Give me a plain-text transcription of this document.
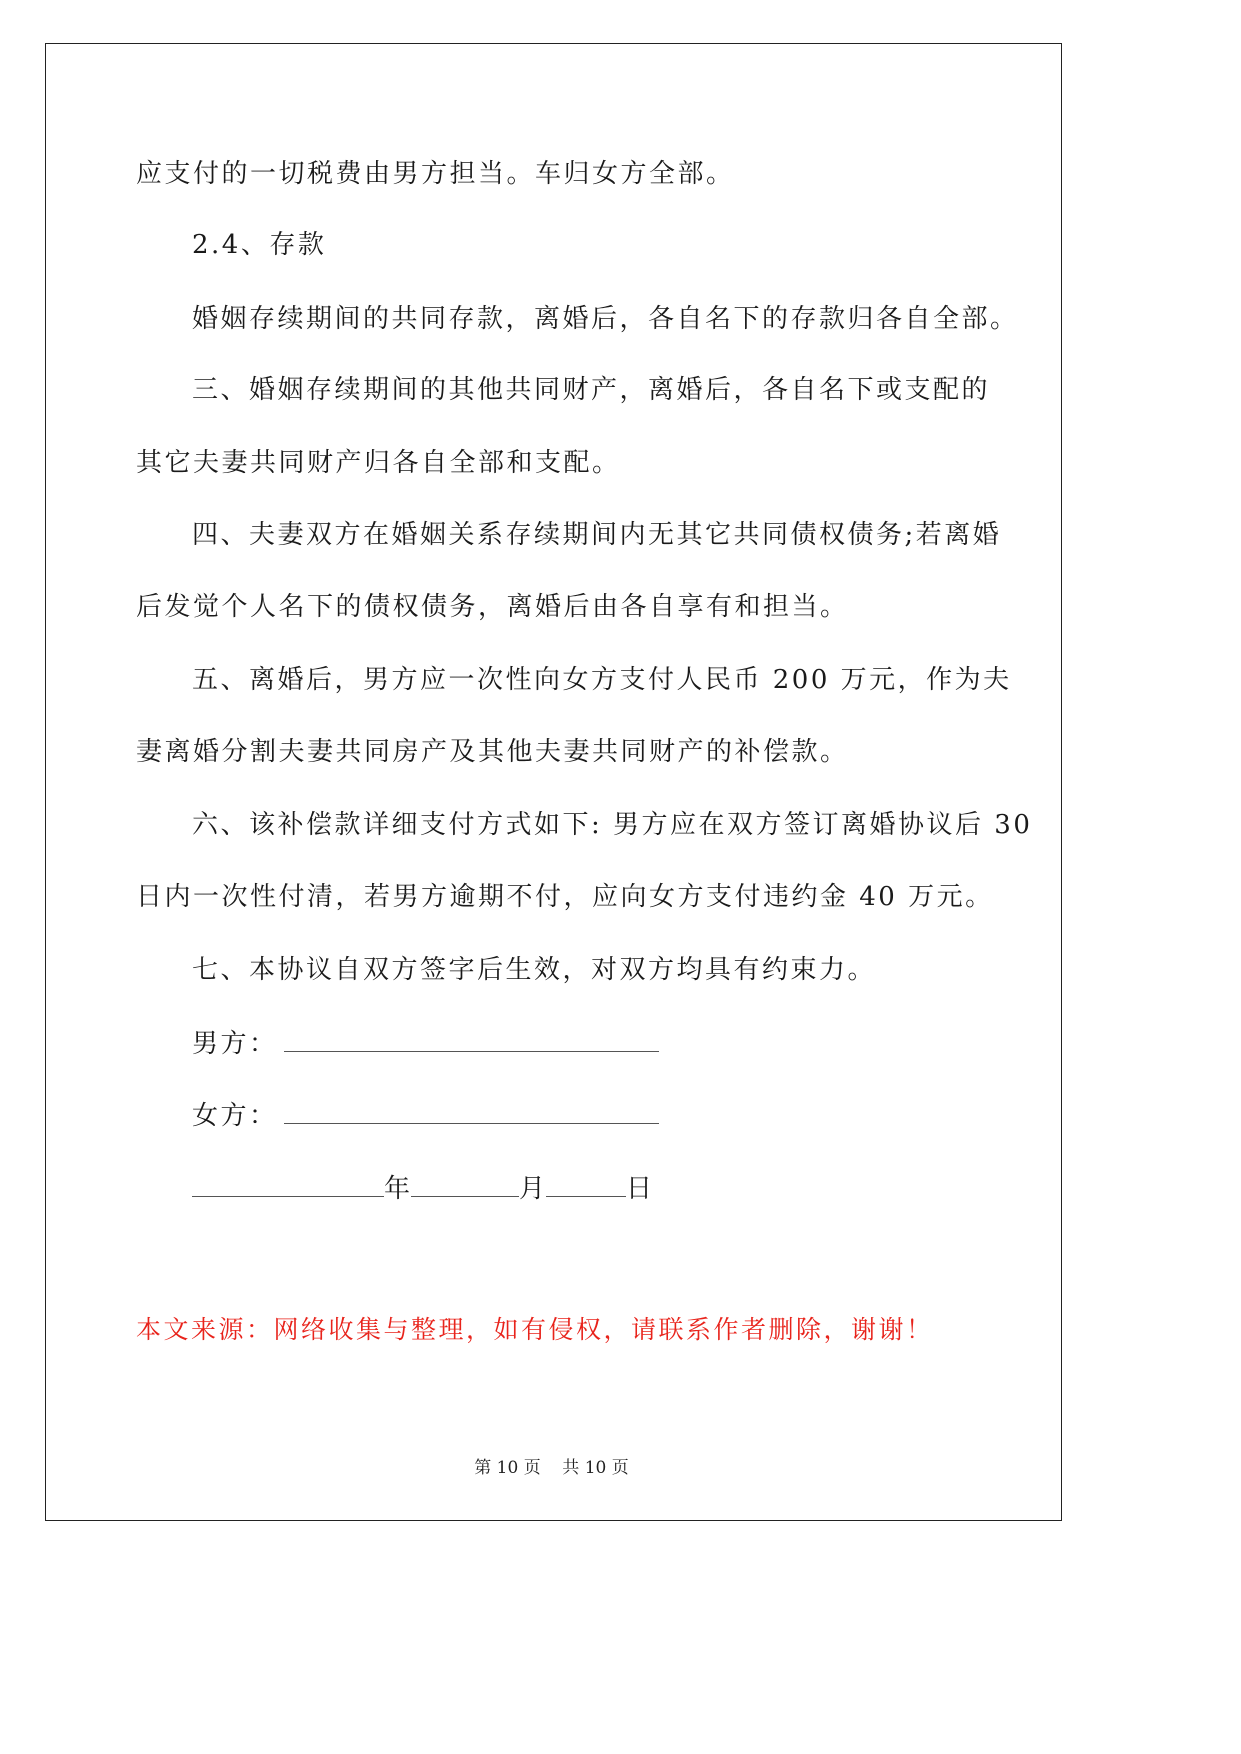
应支付的一切税费由男方担当。车归女方全部。
2.4、存款
婚姻存续期间的共同存款，离婚后，各自名下的存款归各自全部。
三、婚姻存续期间的其他共同财产，离婚后，各自名下或支配的
其它夫妻共同财产归各自全部和支配。
四、夫妻双方在婚姻关系存续期间内无其它共同债权债务;若离婚
后发觉个人名下的债权债务，离婚后由各自享有和担当。
五、离婚后，男方应一次性向女方支付人民币 200 万元，作为夫
妻离婚分割夫妻共同房产及其他夫妻共同财产的补偿款。
六、该补偿款详细支付方式如下: 男方应在双方签订离婚协议后 30
日内一次性付清，若男方逾期不付，应向女方支付违约金 40 万元。
七、本协议自双方签字后生效，对双方均具有约束力。
男方：
女方：
年	月	日
本文来源：网络收集与整理，如有侵权，请联系作者删除，谢谢！
第 10 页    共 10 页
